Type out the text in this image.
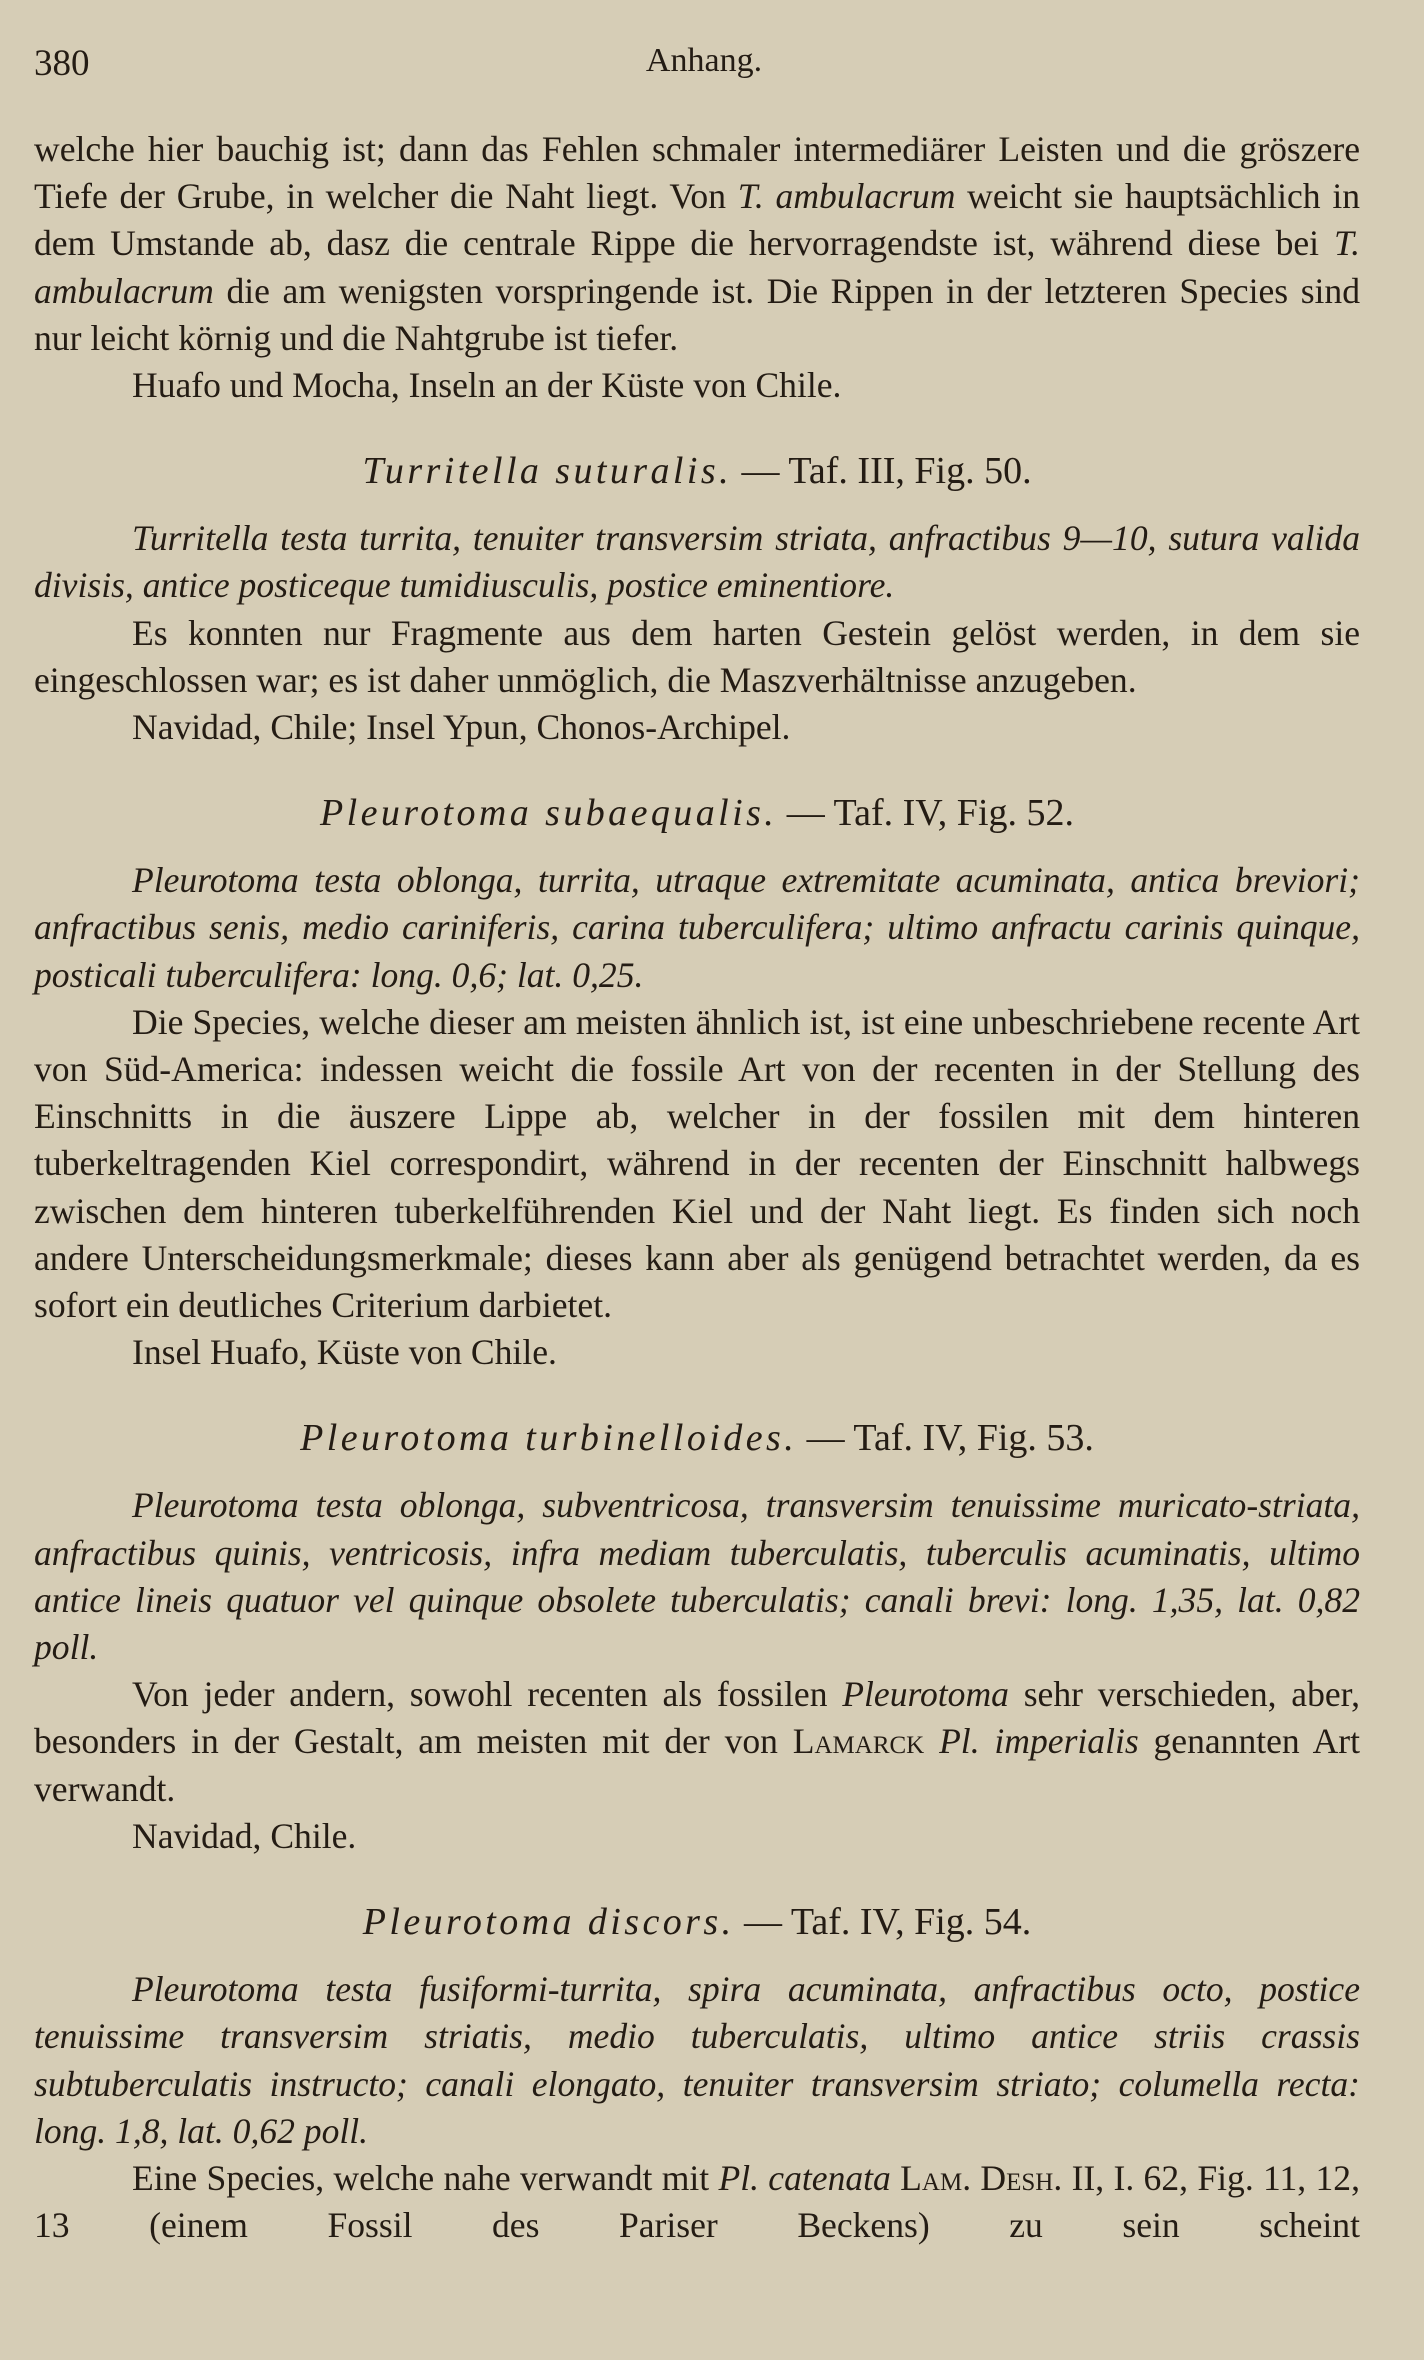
380	Anhang.

welche hier bauchig ist; dann das Fehlen schmaler intermediärer Leisten und die gröszere Tiefe der Grube, in welcher die Naht liegt. Von T. ambulacrum weicht sie hauptsächlich in dem Umstande ab, dasz die centrale Rippe die hervorragendste ist, während diese bei T. ambulacrum die am wenigsten vorspringende ist. Die Rippen in der letzteren Species sind nur leicht körnig und die Nahtgrube ist tiefer.

Huafo und Mocha, Inseln an der Küste von Chile.

Turritella suturalis. — Taf. III, Fig. 50.

Turritella testa turrita, tenuiter transversim striata, anfractibus 9—10, sutura valida divisis, antice posticeque tumidiusculis, postice eminentiore.

Es konnten nur Fragmente aus dem harten Gestein gelöst werden, in dem sie eingeschlossen war; es ist daher unmöglich, die Maszverhältnisse anzugeben.

Navidad, Chile; Insel Ypun, Chonos-Archipel.

Pleurotoma subaequalis. — Taf. IV, Fig. 52.

Pleurotoma testa oblonga, turrita, utraque extremitate acuminata, antica breviori; anfractibus senis, medio cariniferis, carina tuberculifera; ultimo anfractu carinis quinque, posticali tuberculifera: long. 0,6; lat. 0,25.

Die Species, welche dieser am meisten ähnlich ist, ist eine unbeschriebene recente Art von Süd-America: indessen weicht die fossile Art von der recenten in der Stellung des Einschnitts in die äuszere Lippe ab, welcher in der fossilen mit dem hinteren tuberkeltragenden Kiel correspondirt, während in der recenten der Einschnitt halbwegs zwischen dem hinteren tuberkelführenden Kiel und der Naht liegt. Es finden sich noch andere Unterscheidungsmerkmale; dieses kann aber als genügend betrachtet werden, da es sofort ein deutliches Criterium darbietet.

Insel Huafo, Küste von Chile.

Pleurotoma turbinelloides. — Taf. IV, Fig. 53.

Pleurotoma testa oblonga, subventricosa, transversim tenuissime muricato-striata, anfractibus quinis, ventricosis, infra mediam tuberculatis, tuberculis acuminatis, ultimo antice lineis quatuor vel quinque obsolete tuberculatis; canali brevi: long. 1,35, lat. 0,82 poll.

Von jeder andern, sowohl recenten als fossilen Pleurotoma sehr verschieden, aber, besonders in der Gestalt, am meisten mit der von Lamarck Pl. imperialis genannten Art verwandt.

Navidad, Chile.

Pleurotoma discors. — Taf. IV, Fig. 54.

Pleurotoma testa fusiformi-turrita, spira acuminata, anfractibus octo, postice tenuissime transversim striatis, medio tuberculatis, ultimo antice striis crassis subtuberculatis instructo; canali elongato, tenuiter transversim striato; columella recta: long. 1,8, lat. 0,62 poll.

Eine Species, welche nahe verwandt mit Pl. catenata Lam. Desh. II, I. 62, Fig. 11, 12, 13 (einem Fossil des Pariser Beckens) zu sein scheint
